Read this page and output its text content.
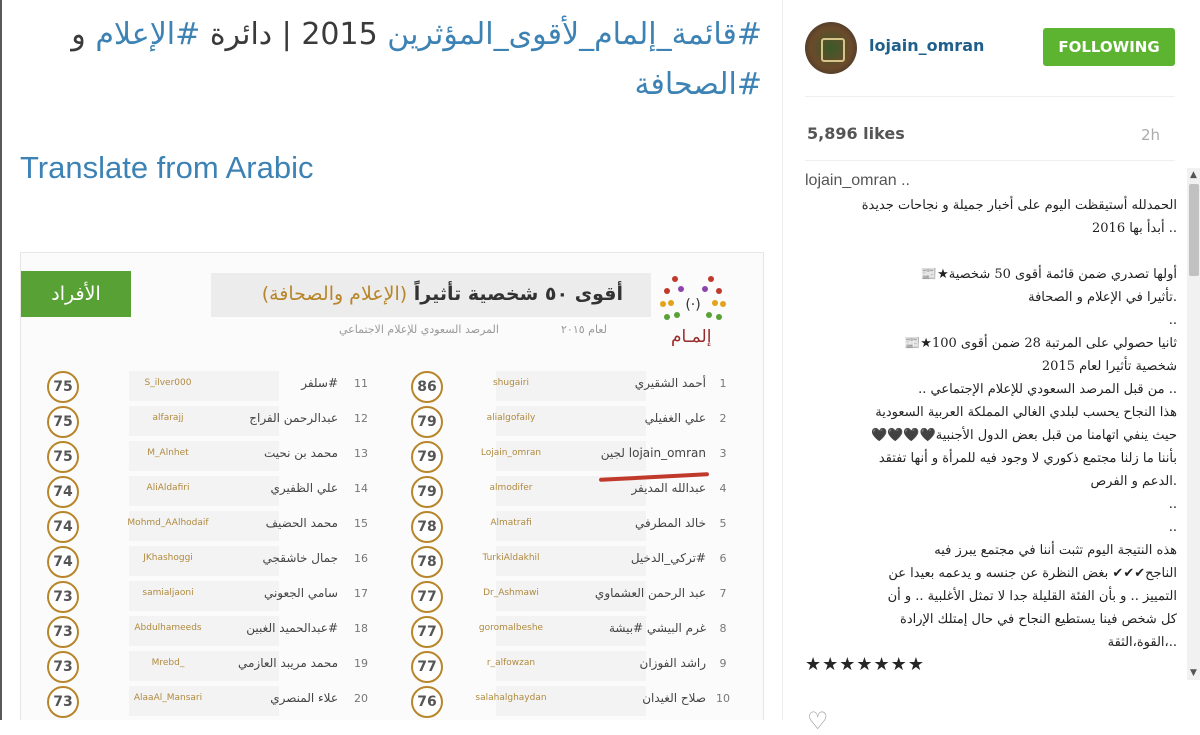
#قائمة_إلمام_لأقوى_المؤثرين 2015 | دائرة #الإعلام و #الصحافة
Translate from Arabic
أقوى ٥٠ شخصية تأثيراً (الإعلام والصحافة)
لعام ٢٠١٥
المرصد السعودي للإعلام الاجتماعي
الأفراد	(·)
إلمـام
75	S_ilver000	#سلفر	11
75	alfarajj	عبدالرحمن الفراج	12
75	M_Alnhet	محمد بن نحيت	13
74	AliAldafiri	علي الظفيري	14
74	Mohmd_AAlhodaif	محمد الحضيف	15
74	JKhashoggi	جمال خاشقجي	16
73	samialjaoni	سامي الجعوني	17
73	Abdulhameeds	#عبدالحميد الغبين	18
73	Mrebd_	محمد مريبد العازمي	19
73	AlaaAl_Mansari	علاء المنصري	20
86	shugairi	أحمد الشقيري	1
79	alialgofaily	علي الغفيلي	2
79	Lojain_omran	lojain_omran لجين	3
79	almodifer	عبدالله المديفر	4
78	Almatrafi	خالد المطرفي	5
78	TurkiAldakhil	#تركي_الدخيل	6
77	Dr_Ashmawi	عبد الرحمن العشماوي	7
77	goromalbeshe	غرم البيشي #بيشة	8
77	r_alfowzan	راشد الفوزان	9
76	salahalghaydan	صلاح الغيدان 10
lojain_omran	FOLLOWING
5,896 likes	2h
lojain_omran ..
الحمدلله أستيقظت اليوم على أخبار جميلة و نجاحات جديدة
.. أبدأ بها 2016
أولها تصدري ضمن قائمة أقوى 50 شخصية★📰
.تأثيرا في الإعلام و الصحافة
..
ثانيا حصولي على المرتبة 28 ضمن أقوى 100★📰
شخصية تأثيرا لعام 2015
.. من قبل المرصد السعودي للإعلام الإجتماعي ..
هذا النجاح يحسب لبلدي الغالي المملكة العربية السعودية
حيث ينفي اتهامنا من قبل بعض الدول الأجنبية🖤🖤🖤🖤
بأننا ما زلنا مجتمع ذكوري لا وجود فيه للمرأة و أنها تفتقد
.الدعم و الفرص
..
..
هذه النتيجة اليوم تثبت أننا في مجتمع يبرز فيه
الناجح✔✔✔ بغض النظرة عن جنسه و يدعمه بعيدا عن
التمييز .. و بأن الفئة القليلة جدا لا تمثل الأغلبية .. و أن
كل شخص فينا يستطيع النجاح في حال إمتلك الإرادة
..،القوة،الثقة
★★★★★★★
▲
▼
♡
